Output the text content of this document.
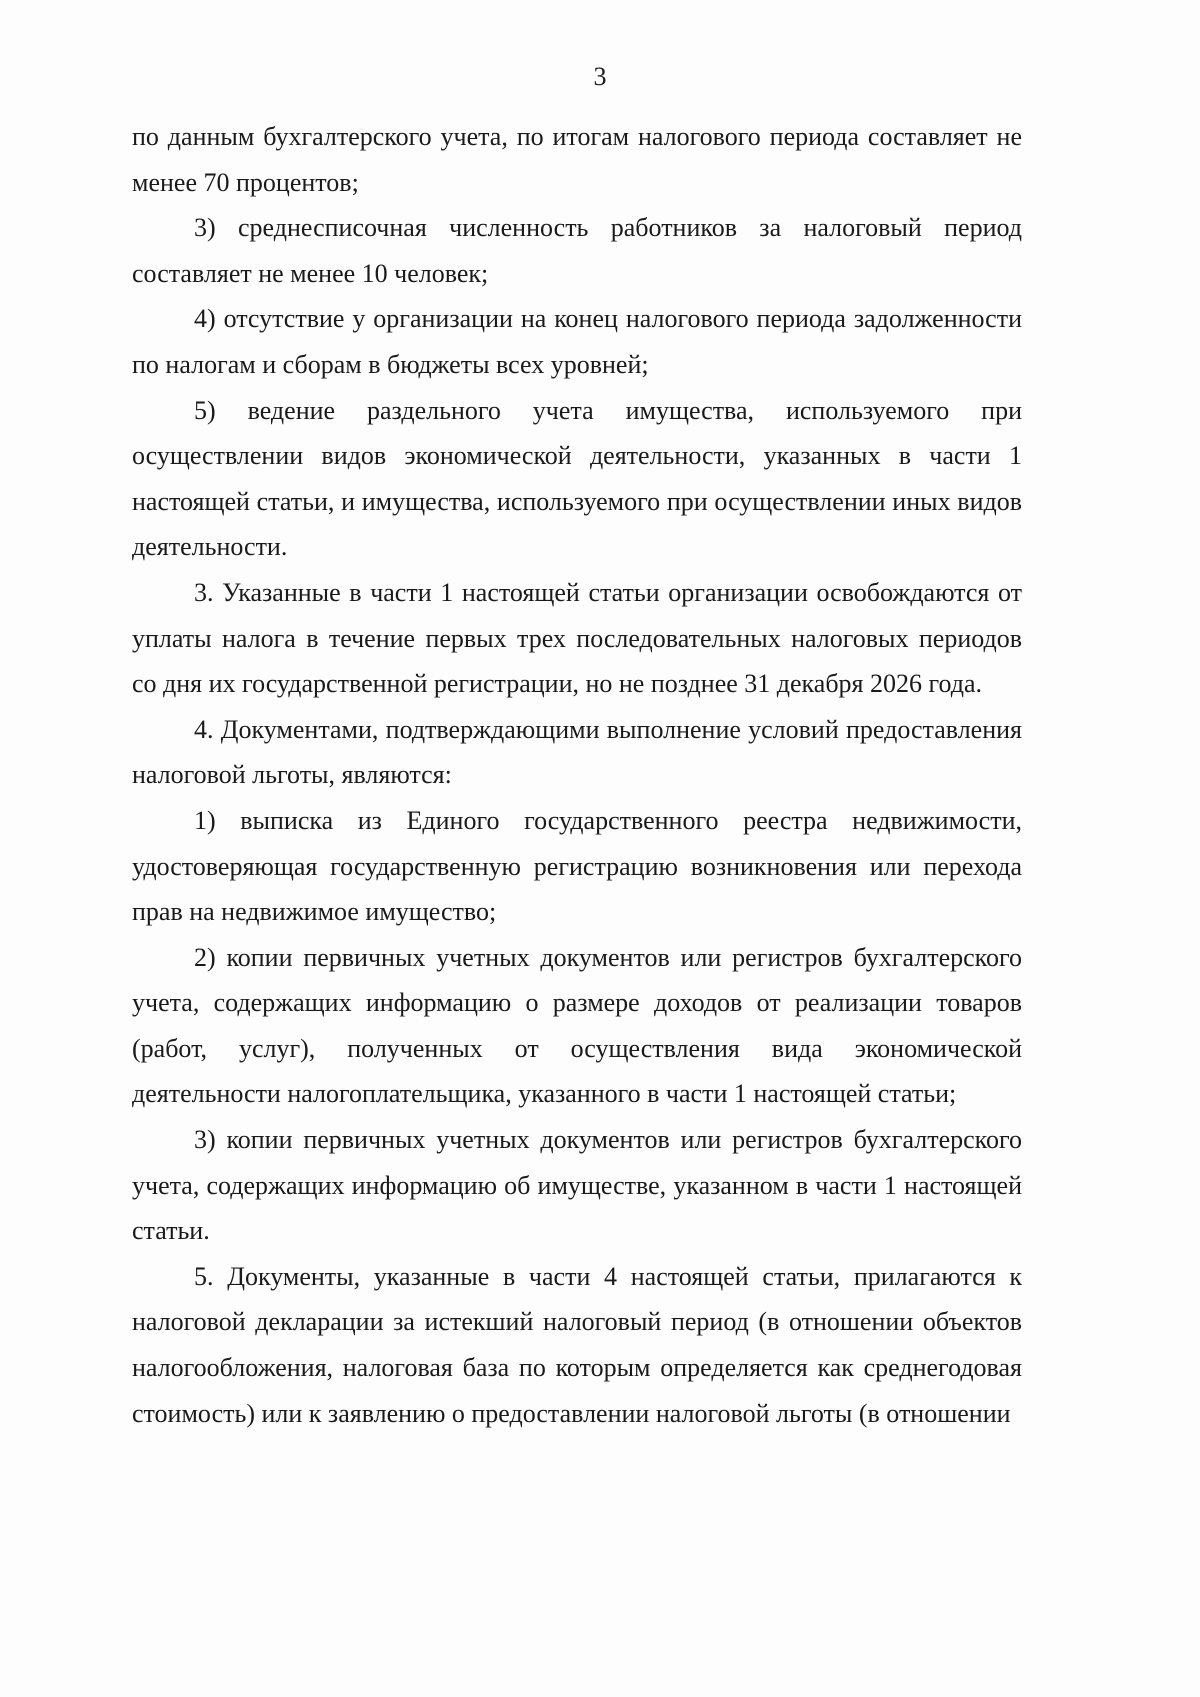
3

по данным бухгалтерского учета, по итогам налогового периода составляет не менее 70 процентов;

3) среднесписочная численность работников за налоговый период составляет не менее 10 человек;

4) отсутствие у организации на конец налогового периода задолженности по налогам и сборам в бюджеты всех уровней;

5) ведение раздельного учета имущества, используемого при осуществлении видов экономической деятельности, указанных в части 1 настоящей статьи, и имущества, используемого при осуществлении иных видов деятельности.

3. Указанные в части 1 настоящей статьи организации освобождаются от уплаты налога в течение первых трех последовательных налоговых периодов со дня их государственной регистрации, но не позднее 31 декабря 2026 года.

4. Документами, подтверждающими выполнение условий предоставления налоговой льготы, являются:

1) выписка из Единого государственного реестра недвижимости, удостоверяющая государственную регистрацию возникновения или перехода прав на недвижимое имущество;

2) копии первичных учетных документов или регистров бухгалтерского учета, содержащих информацию о размере доходов от реализации товаров (работ, услуг), полученных от осуществления вида экономической деятельности налогоплательщика, указанного в части 1 настоящей статьи;

3) копии первичных учетных документов или регистров бухгалтерского учета, содержащих информацию об имуществе, указанном в части 1 настоящей статьи.

5. Документы, указанные в части 4 настоящей статьи, прилагаются к налоговой декларации за истекший налоговый период (в отношении объектов налогообложения, налоговая база по которым определяется как среднегодовая стоимость) или к заявлению о предоставлении налоговой льготы (в отношении
